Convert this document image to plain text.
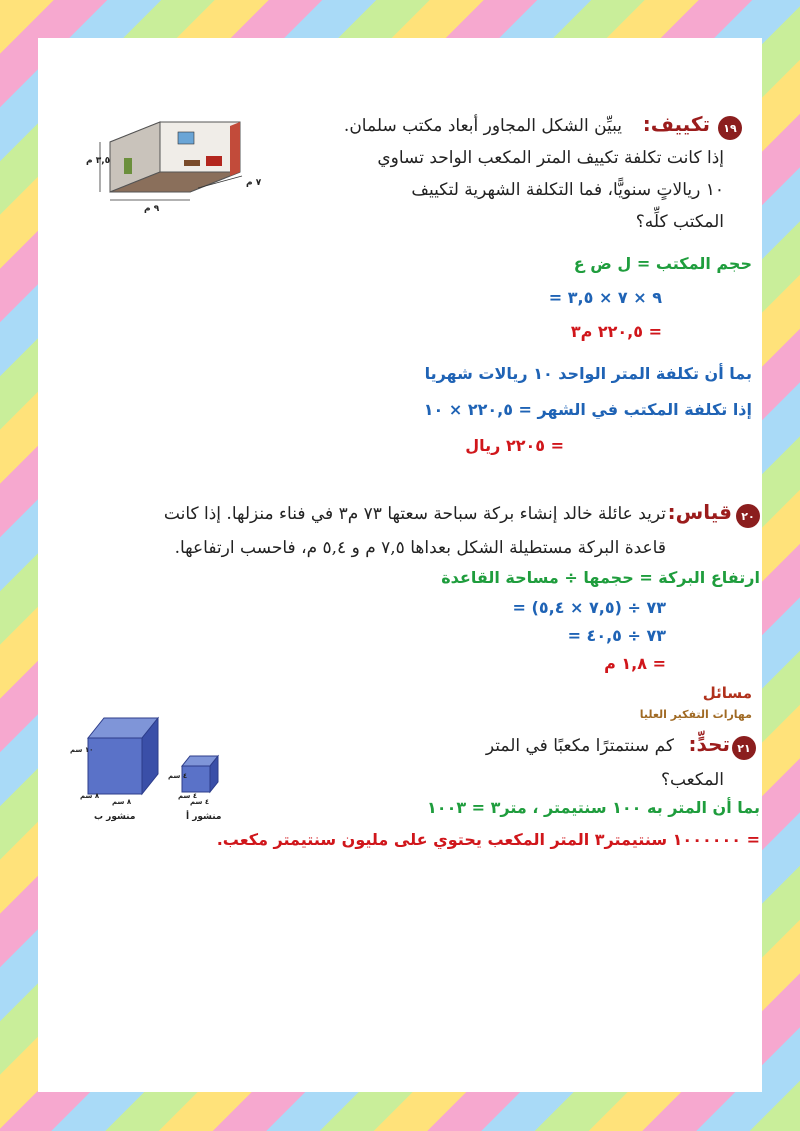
١٩
تكييف:
يبيِّن الشكل المجاور أبعاد مكتب سلمان.
إذا كانت تكلفة تكييف المتر المكعب الواحد تساوي
١٠ ريالاتٍ سنويًّا، فما التكلفة الشهرية لتكييف
المكتب كلِّه؟
٣,٥ م
٧ م
٩ م
حجم المكتب = ل ض ع
= ٩ × ٧ × ٣,٥
= ٢٢٠,٥ م٣
بما أن تكلفة المتر الواحد ١٠ ريالات شهريا
إذا تكلفة المكتب في الشهر = ٢٢٠,٥ × ١٠
= ٢٢٠٥ ريال
٢٠
قياس:
تريد عائلة خالد إنشاء بركة سباحة سعتها ٧٣ م٣ في فناء منزلها. إذا كانت
قاعدة البركة مستطيلة الشكل بعداها ٧,٥ م و ٥,٤ م، فاحسب ارتفاعها.
ارتفاع البركة = حجمها ÷ مساحة القاعدة
= ٧٣ ÷ (٧,٥ × ٥,٤)
= ٧٣ ÷ ٤٠,٥
= ١,٨ م
مسائل
مهارات التفكير العليا
٢١
تحدٍّ:
كم سنتمترًا مكعبًا في المتر
المكعب؟
١٠ سم
٨ سم
٨ سم
٤ سم
٤ سم
٤ سم
منشور ب	منشور أ	بما أن المتر به ١٠٠ سنتيمتر ، متر٣ = ١٠٠٣
= ١٠٠٠٠٠٠ سنتيمتر٣ المتر المكعب يحتوي على مليون سنتيمتر مكعب.
